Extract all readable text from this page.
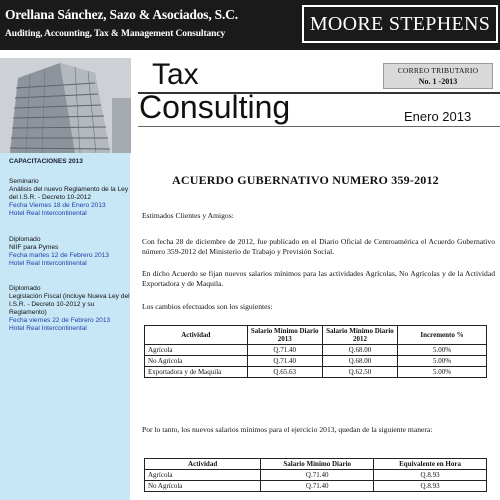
Orellana Sánchez, Sazo & Asociados, S.C.
Auditing, Accounting, Tax & Management Consultancy	MOORE STEPHENS
Tax
Consulting
CORREO TRIBUTARIO
No. 1 -2013
Enero 2013
CAPACITACIONES 2013
Seminario
Análisis del nuevo Reglamento de la Ley del I.S.R. - Decreto 10-2012
Fecha Viernes 18 de Enero 2013
Hotel Real Intercontinental
Diplomado
NIIF para Pymes
Fecha martes 12 de Febrero 2013
Hotel Real Intercontinental
Diplomado
Legislación Fiscal (incluye Nueva Ley del I.S.R. - Decreto 10-2012 y su Reglamento)
Fecha viernes 22 de Febrero 2013
Hotel Real Intercontinental
ACUERDO GUBERNATIVO NUMERO 359-2012
Estimados Clientes y Amigos:
Con fecha 28 de diciembre de 2012, fue publicado en el Diario Oficial de Centroamérica el Acuerdo Gubernativo número 359-2012 del Ministerio de Trabajo y Previsión Social.
En dicho Acuerdo se fijan nuevos salarios mínimos para las actividades Agrícolas, No Agrícolas y de la Actividad Exportadora y de Maquila.
Los cambios efectuados son los siguientes:
Actividad	Salario Mínimo Diario 2013	Salario Mínimo Diario 2012	Incremento %
Agrícola	Q.71.40	Q.68.00	5.00%
No Agrícola	Q.71.40	Q.68.00	5.00%
Exportadora y de Maquila	Q.65.63	Q.62.50	5.00%
Por lo tanto, los nuevos salarios mínimos para el ejercicio 2013, quedan de la siguiente manera:
Actividad	Salario Mínimo Diario	Equivalente en Hora
Agrícola	Q.71.40	Q.8.93
No Agrícola	Q.71.40	Q.8.93
